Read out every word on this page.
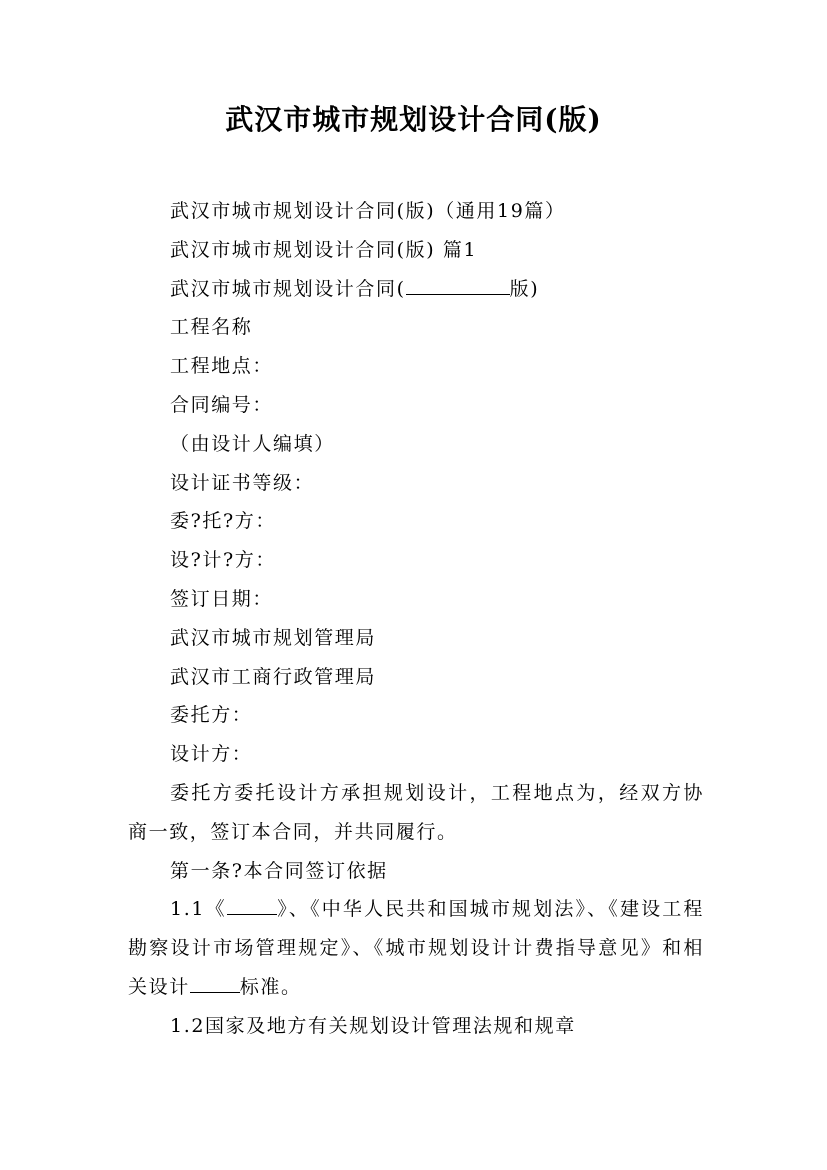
武汉市城市规划设计合同(版)

武汉市城市规划设计合同(版)（通用19篇）

武汉市城市规划设计合同(版) 篇1

武汉市城市规划设计合同(	版)

工程名称

工程地点：

合同编号：

（由设计人编填）

设计证书等级：

委?托?方：

设?计?方：

签订日期：

武汉市城市规划管理局

武汉市工商行政管理局

委托方：

设计方：

委托方委托设计方承担规划设计，工程地点为，经双方协商一致，签订本合同，并共同履行。

第一条?本合同签订依据

1.1《	》、《中华人民共和国城市规划法》、《建设工程勘察设计市场管理规定》、《城市规划设计计费指导意见》和相关设计	标准。

1.2国家及地方有关规划设计管理法规和规章
